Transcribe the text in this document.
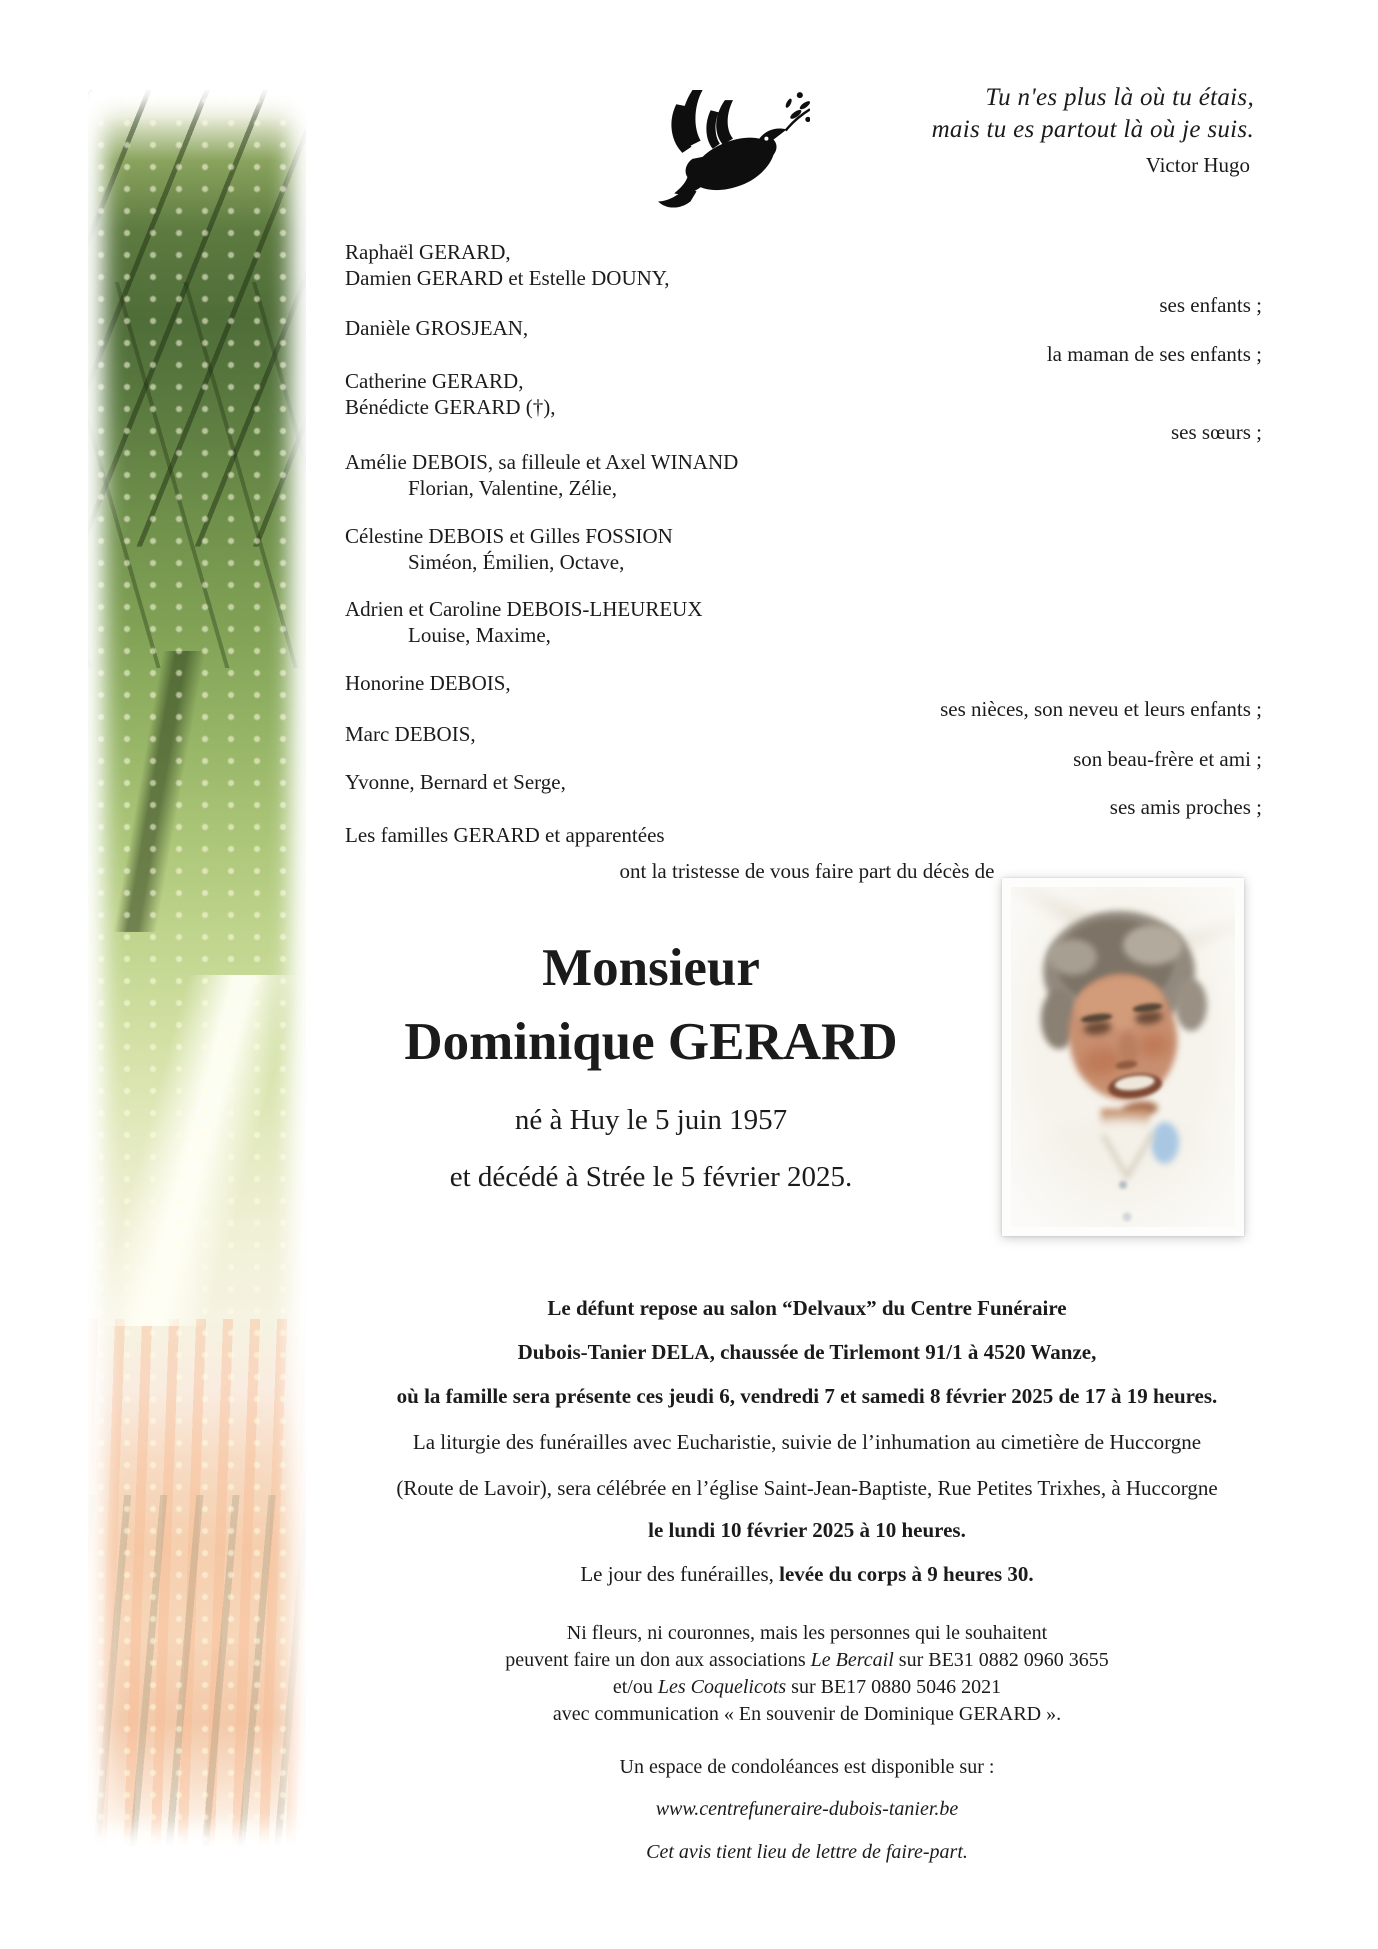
Tu n'es plus là où tu étais,
mais tu es partout là où je suis.
Victor Hugo
Raphaël GERARD,
Damien GERARD et Estelle DOUNY,
ses enfants ;
Danièle GROSJEAN,
la maman de ses enfants ;
Catherine GERARD,
Bénédicte GERARD (†),
ses sœurs ;
Amélie DEBOIS, sa filleule et Axel WINAND
Florian, Valentine, Zélie,
Célestine DEBOIS et Gilles FOSSION
Siméon, Émilien, Octave,
Adrien et Caroline DEBOIS-LHEUREUX
Louise, Maxime,
Honorine DEBOIS,
ses nièces, son neveu et leurs enfants ;
Marc DEBOIS,
son beau-frère et ami ;
Yvonne, Bernard et Serge,
ses amis proches ;
Les familles GERARD et apparentées
ont la tristesse de vous faire part du décès de
Monsieur
Dominique GERARD
né à Huy le 5 juin 1957
et décédé à Strée le 5 février 2025.
Le défunt repose au salon “Delvaux” du Centre Funéraire
Dubois-Tanier DELA, chaussée de Tirlemont 91/1 à 4520 Wanze,
où la famille sera présente ces jeudi 6, vendredi 7 et samedi 8 février 2025 de 17 à 19 heures.
La liturgie des funérailles avec Eucharistie, suivie de l’inhumation au cimetière de Huccorgne
(Route de Lavoir), sera célébrée en l’église Saint-Jean-Baptiste, Rue Petites Trixhes, à Huccorgne
le lundi 10 février 2025 à 10 heures.
Le jour des funérailles, levée du corps à 9 heures 30.
Ni fleurs, ni couronnes, mais les personnes qui le souhaitent
peuvent faire un don aux associations Le Bercail sur BE31 0882 0960 3655
et/ou Les Coquelicots sur BE17 0880 5046 2021
avec communication « En souvenir de Dominique GERARD ».
Un espace de condoléances est disponible sur :
www.centrefuneraire-dubois-tanier.be
Cet avis tient lieu de lettre de faire-part.
